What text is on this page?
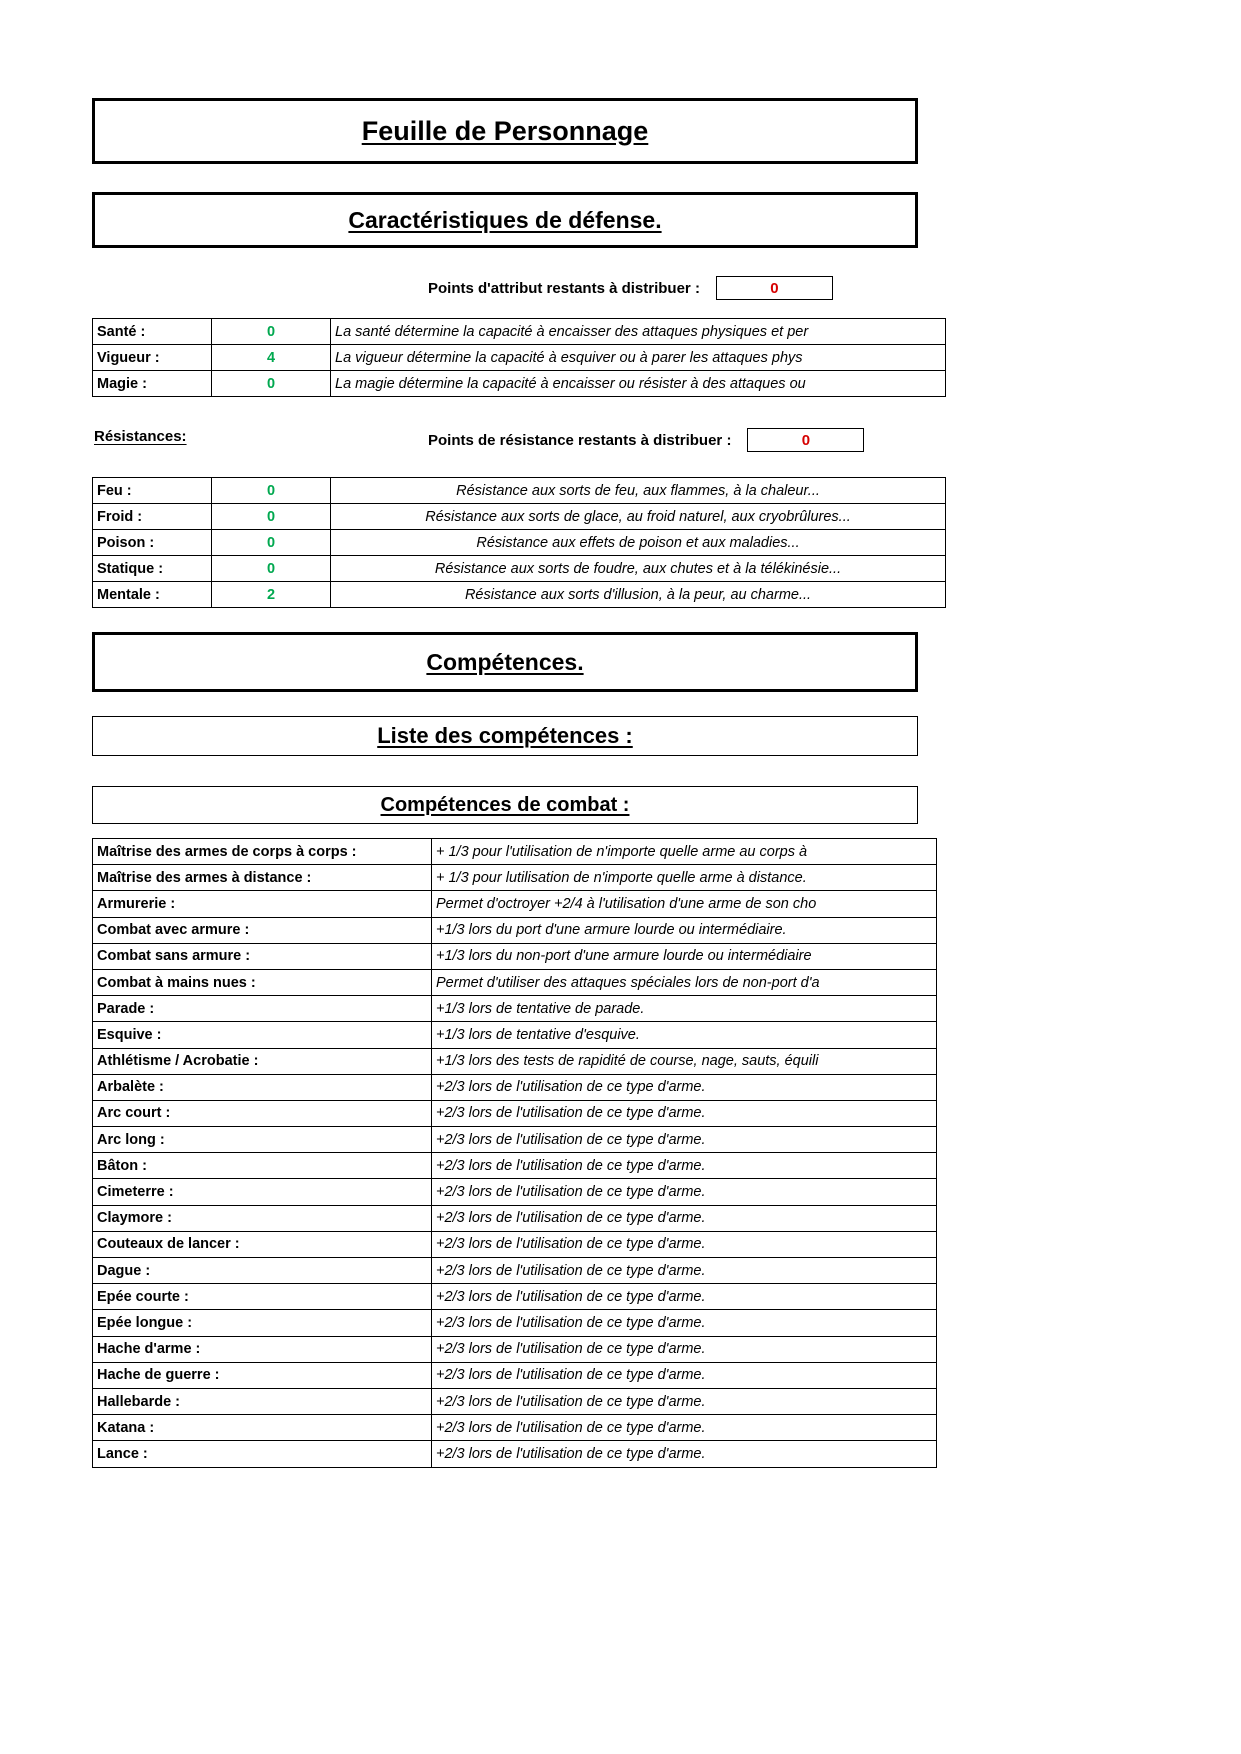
Feuille de Personnage
Caractéristiques de défense.
Points d'attribut restants à distribuer :	0
Santé :	0	La santé détermine la capacité à encaisser des attaques physiques et per
Vigueur :	4	La vigueur détermine la capacité à esquiver ou à parer les attaques phys
Magie :	0	La magie détermine la capacité à encaisser ou résister à des attaques ou
Résistances:	Points de résistance restants à distribuer :	0
Feu :	0	Résistance aux sorts de feu, aux flammes, à la chaleur...
Froid :	0	Résistance aux sorts de glace, au froid naturel, aux cryobrûlures...
Poison :	0	Résistance aux effets de poison et aux maladies...
Statique :	0	Résistance aux sorts de foudre, aux chutes et à la télékinésie...
Mentale :	2	Résistance aux sorts d'illusion, à la peur, au charme...
Compétences.
Liste des compétences :
Compétences de combat :
Maîtrise des armes de corps à corps :	+ 1/3 pour l'utilisation de n'importe quelle arme au corps à
Maîtrise des armes à distance :	+ 1/3 pour lutilisation de n'importe quelle arme à distance.
Armurerie :	Permet d'octroyer +2/4 à l'utilisation d'une arme de son cho
Combat avec armure :	+1/3 lors du port d'une armure lourde ou intermédiaire.
Combat sans armure :	+1/3 lors du non-port d'une armure lourde ou intermédiaire
Combat à mains nues :	Permet d'utiliser des attaques spéciales lors de non-port d'a
Parade :	+1/3 lors de tentative de parade.
Esquive :	+1/3 lors de tentative d'esquive.
Athlétisme / Acrobatie :	+1/3 lors des tests de rapidité de course, nage, sauts, équili
Arbalète :	+2/3 lors de l'utilisation de ce type d'arme.
Arc court :	+2/3 lors de l'utilisation de ce type d'arme.
Arc long :	+2/3 lors de l'utilisation de ce type d'arme.
Bâton :	+2/3 lors de l'utilisation de ce type d'arme.
Cimeterre :	+2/3 lors de l'utilisation de ce type d'arme.
Claymore :	+2/3 lors de l'utilisation de ce type d'arme.
Couteaux de lancer :	+2/3 lors de l'utilisation de ce type d'arme.
Dague :	+2/3 lors de l'utilisation de ce type d'arme.
Epée courte :	+2/3 lors de l'utilisation de ce type d'arme.
Epée longue :	+2/3 lors de l'utilisation de ce type d'arme.
Hache d'arme :	+2/3 lors de l'utilisation de ce type d'arme.
Hache de guerre :	+2/3 lors de l'utilisation de ce type d'arme.
Hallebarde :	+2/3 lors de l'utilisation de ce type d'arme.
Katana :	+2/3 lors de l'utilisation de ce type d'arme.
Lance :	+2/3 lors de l'utilisation de ce type d'arme.
